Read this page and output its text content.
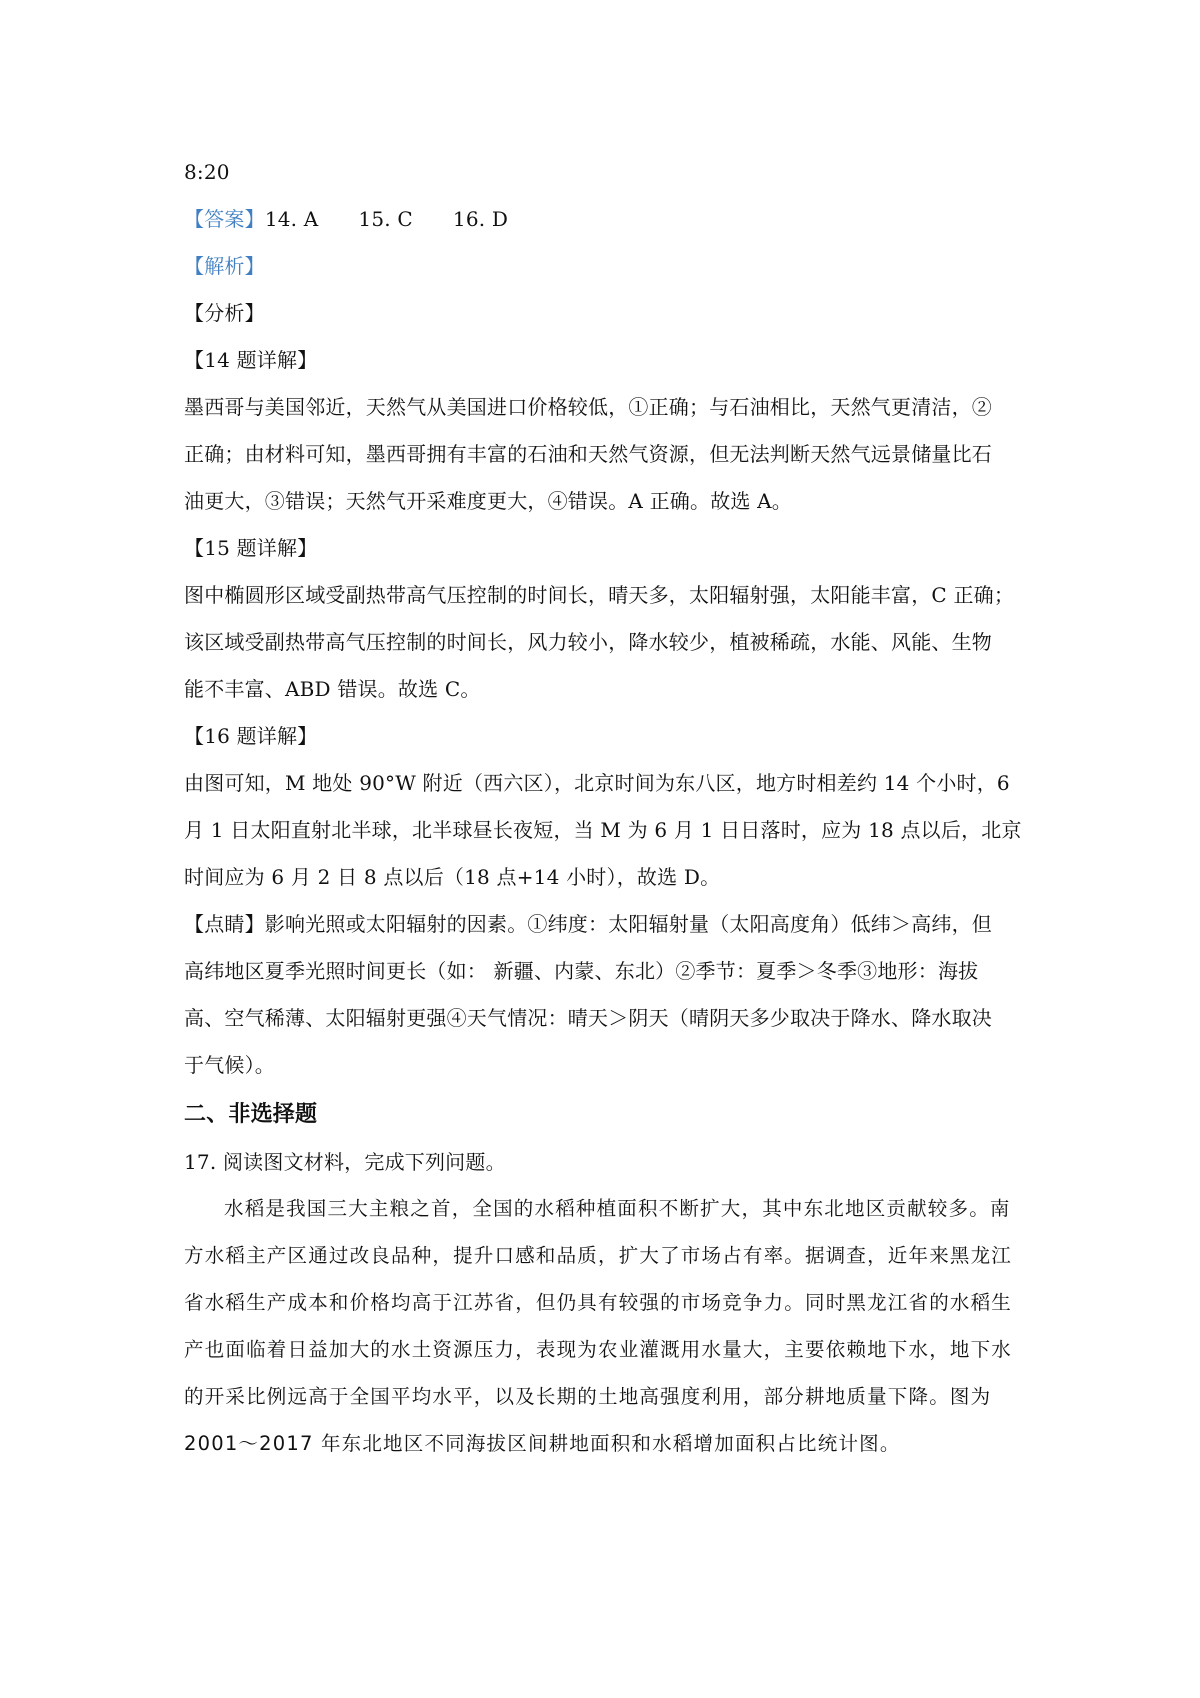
8:20
【答案】14. A 15. C 16. D
【解析】
【分析】
【14 题详解】
墨西哥与美国邻近，天然气从美国进口价格较低，①正确；与石油相比，天然气更清洁，②
正确；由材料可知，墨西哥拥有丰富的石油和天然气资源，但无法判断天然气远景储量比石
油更大，③错误；天然气开采难度更大，④错误。A 正确。故选 A。
【15 题详解】
图中椭圆形区域受副热带高气压控制的时间长，晴天多，太阳辐射强，太阳能丰富，C 正确；
该区域受副热带高气压控制的时间长，风力较小，降水较少，植被稀疏，水能、风能、生物
能不丰富、ABD 错误。故选 C。
【16 题详解】
由图可知，M 地处 90°W 附近（西六区），北京时间为东八区，地方时相差约 14 个小时，6
月 1 日太阳直射北半球，北半球昼长夜短，当 M 为 6 月 1 日日落时，应为 18 点以后，北京
时间应为 6 月 2 日 8 点以后（18 点+14 小时），故选 D。
【点睛】影响光照或太阳辐射的因素。①纬度：太阳辐射量（太阳高度角）低纬＞高纬，但
高纬地区夏季光照时间更长（如： 新疆、内蒙、东北）②季节：夏季＞冬季③地形：海拔
高、空气稀薄、太阳辐射更强④天气情况：晴天＞阴天（晴阴天多少取决于降水、降水取决
于气候）。
二、非选择题
17. 阅读图文材料，完成下列问题。
水稻是我国三大主粮之首，全国的水稻种植面积不断扩大，其中东北地区贡献较多。南
方水稻主产区通过改良品种，提升口感和品质，扩大了市场占有率。据调查，近年来黑龙江
省水稻生产成本和价格均高于江苏省，但仍具有较强的市场竞争力。同时黑龙江省的水稻生
产也面临着日益加大的水土资源压力，表现为农业灌溉用水量大，主要依赖地下水，地下水
的开采比例远高于全国平均水平，以及长期的土地高强度利用，部分耕地质量下降。图为
2001～2017 年东北地区不同海拔区间耕地面积和水稻增加面积占比统计图。
